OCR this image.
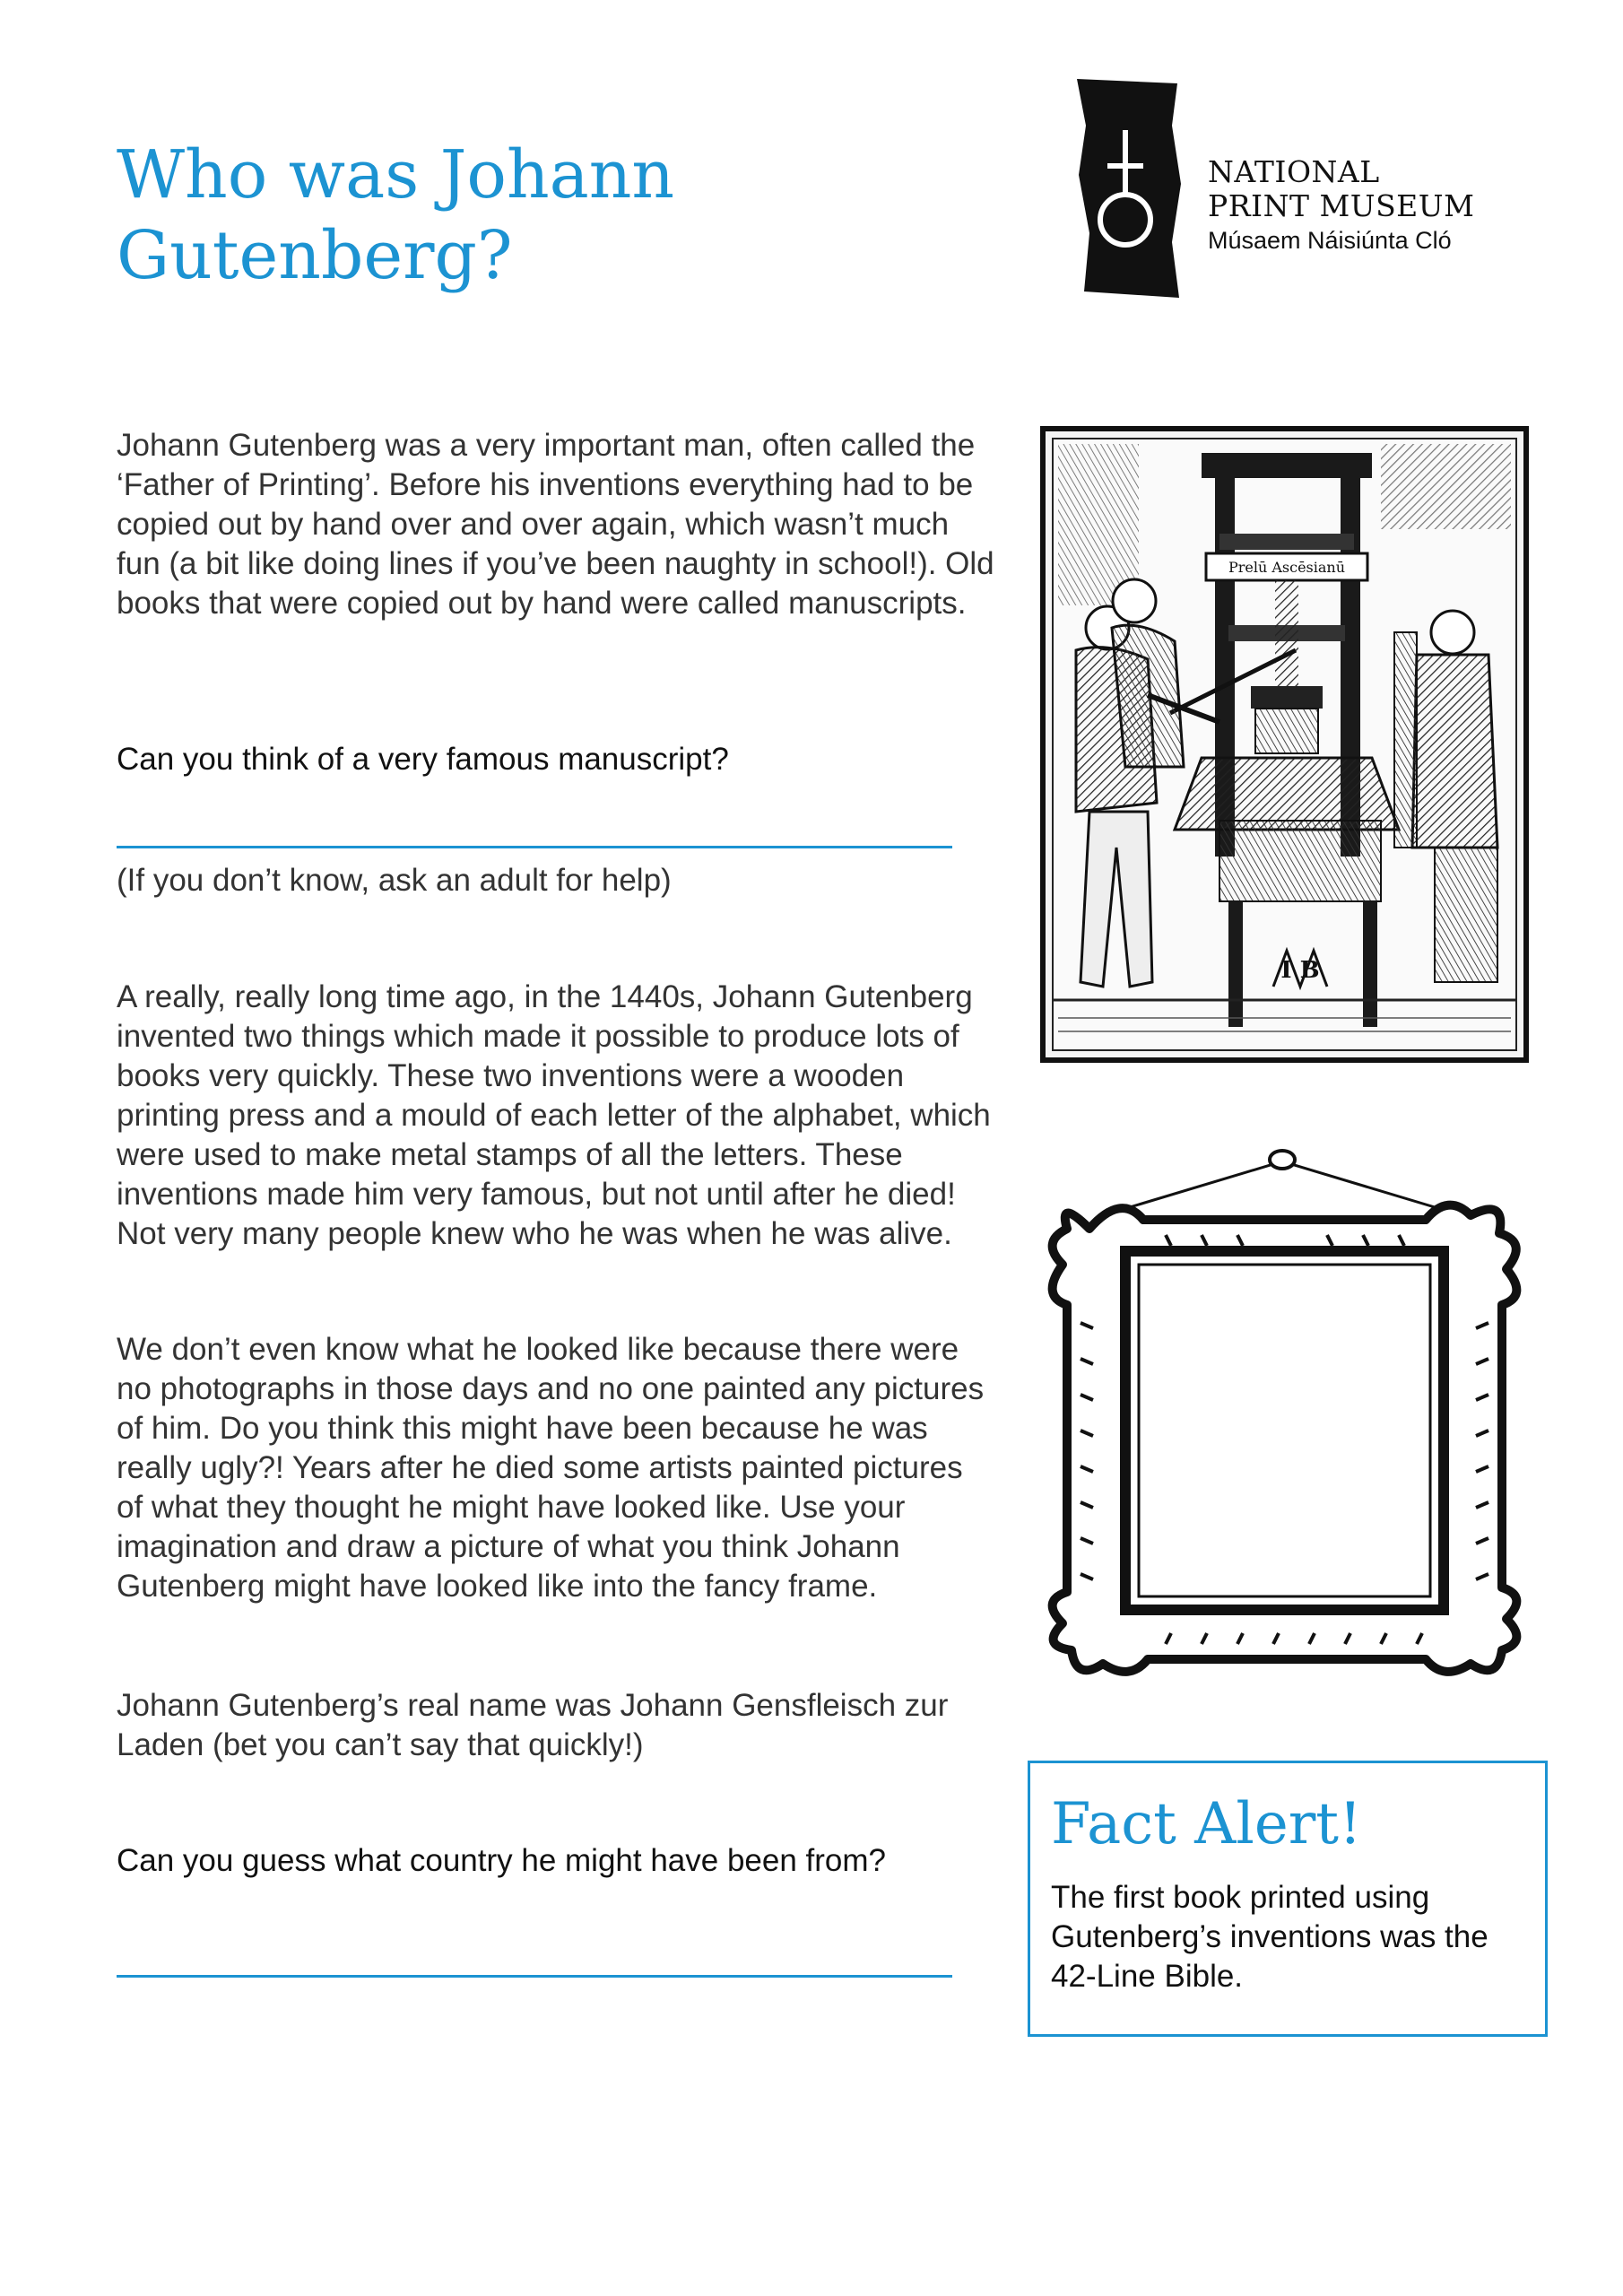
Who was Johann Gutenberg?
NATIONAL
PRINT MUSEUM
Músaem Náisiúnta Cló

Johann Gutenberg was a very important man, often called the ‘Father of Printing’. Before his inventions everything had to be copied out by hand over and over again, which wasn’t much fun (a bit like doing lines if you’ve been naughty in school!). Old books that were copied out by hand were called manuscripts.

Can you think of a very famous manuscript?

(If you don’t know, ask an adult for help)

A really, really long time ago, in the 1440s, Johann Gutenberg invented two things which made it possible to produce lots of books very quickly. These two inventions were a wooden printing press and a mould of each letter of the alphabet, which were used to make metal stamps of all the letters. These inventions made him very famous, but not until after he died! Not very many people knew who he was when he was alive.

We don’t even know what he looked like because there were no photographs in those days and no one painted any pictures of him. Do you think this might have been because he was really ugly?! Years after he died some artists painted pictures of what they thought he might have looked like. Use your imagination and draw a picture of what you think Johann Gutenberg might have looked like into the fancy frame.

Johann Gutenberg’s real name was Johann Gensfleisch zur Laden (bet you can’t say that quickly!)

Can you guess what country he might have been from?

Prelū Ascēsianū
I B
Fact Alert!

The first book printed using Gutenberg’s inventions was the 42-Line Bible.
